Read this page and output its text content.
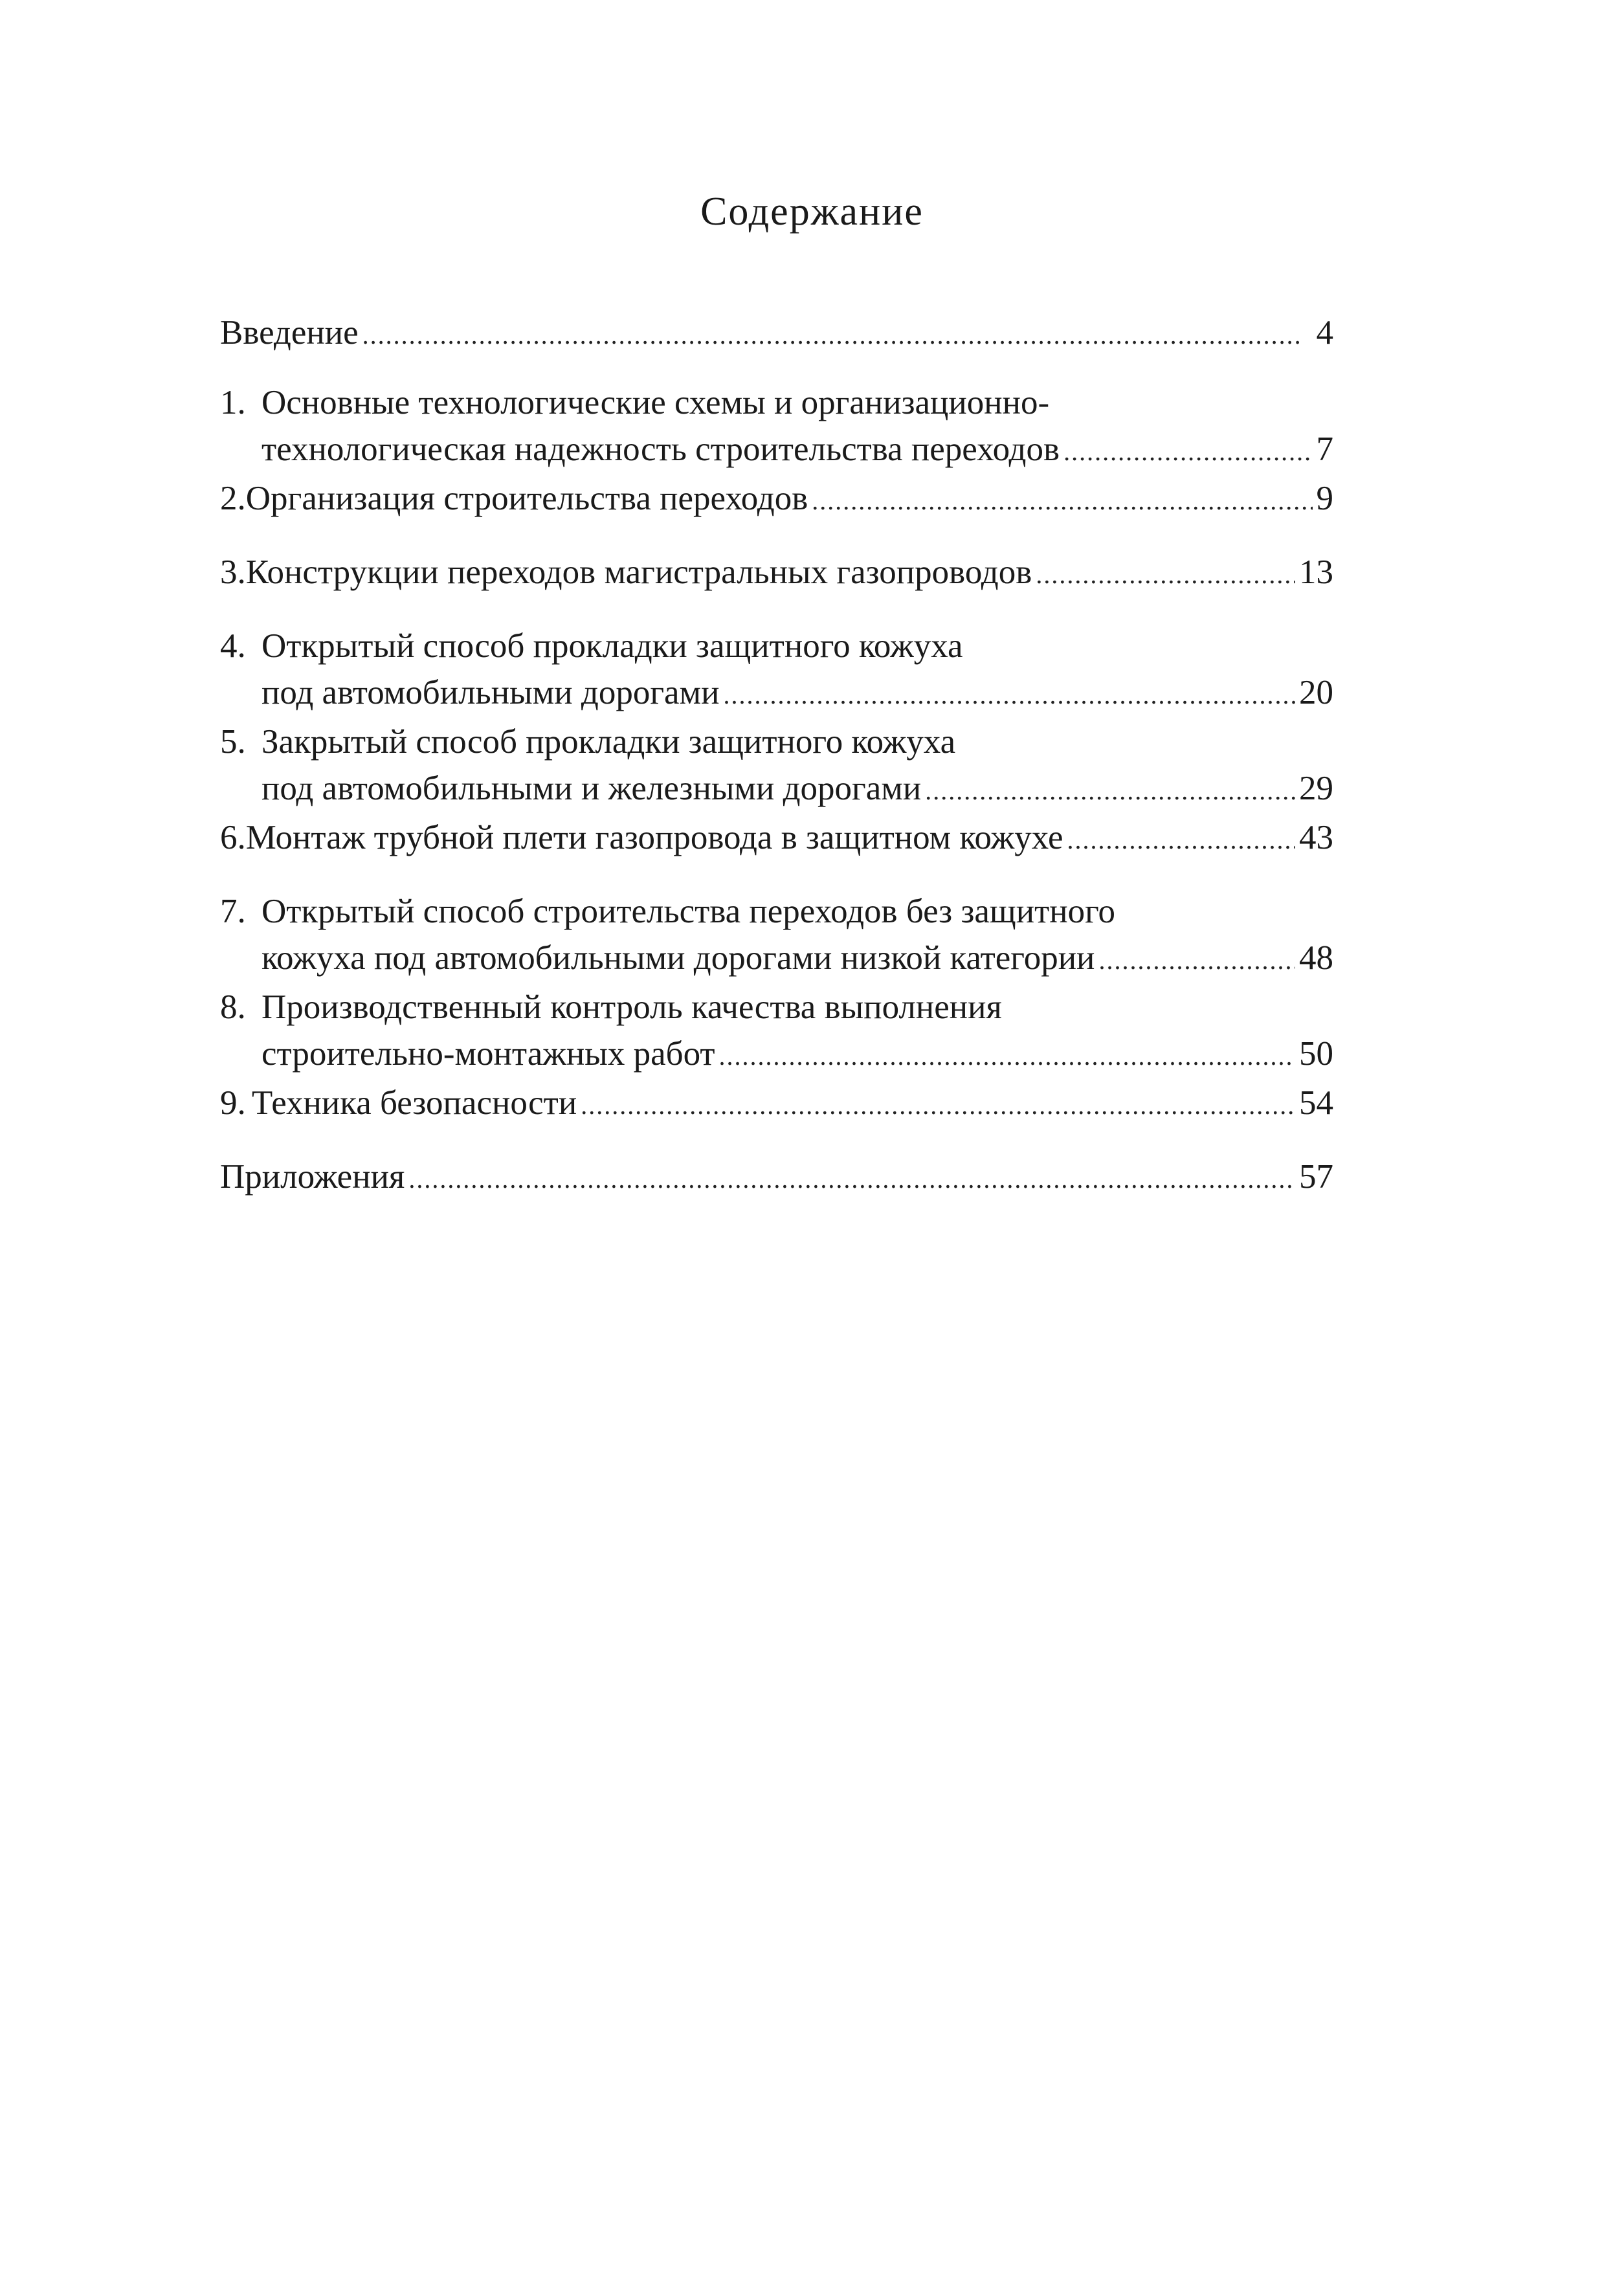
Содержание
Введение . . .	4
1. Основные технологические схемы и организационно-
технологическая надежность строительства переходов . . .	7
2. Организация строительства переходов . . .	9
3. Конструкции переходов магистральных газопроводов . . .	13
4. Открытый способ прокладки защитного кожуха
под автомобильными дорогами . . .	20
5. Закрытый способ прокладки защитного кожуха
под автомобильными и железными дорогами . . .	29
6. Монтаж трубной плети газопровода в защитном кожухе . . .	43
7. Открытый способ строительства переходов без защитного
кожуха под автомобильными дорогами низкой категории . . .	48
8. Производственный контроль качества выполнения
строительно-монтажных работ . . .	50
9. Техника безопасности . . .	54
Приложения . . .	57
